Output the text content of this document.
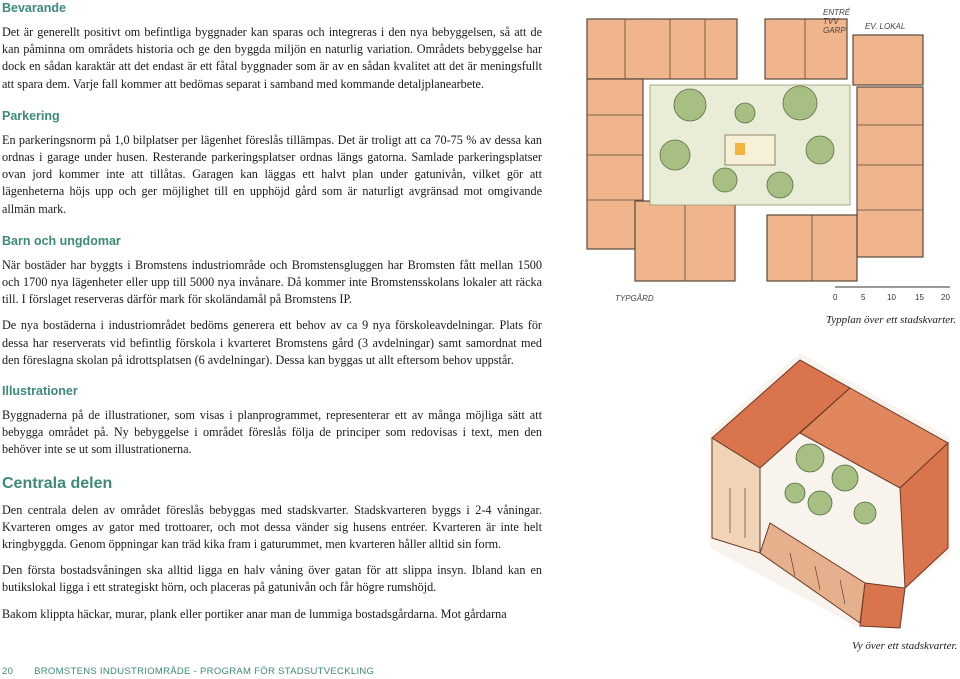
Bevarande

Det är generellt positivt om befintliga byggnader kan sparas och integreras i den nya bebyggelsen, så att de kan påminna om områdets historia och ge den byggda miljön en naturlig variation. Områdets bebyggelse har dock en sådan karaktär att det endast är ett fåtal byggnader som är av en sådan kvalitet att det är meningsfullt att spara dem. Varje fall kommer att bedömas separat i samband med kommande detaljplanearbete.

Parkering

En parkeringsnorm på 1,0 bilplatser per lägenhet föreslås tillämpas. Det är troligt att ca 70-75 % av dessa kan ordnas i garage under husen. Resterande parkeringsplatser ordnas längs gatorna. Samlade parkeringsplatser ovan jord kommer inte att tillåtas. Garagen kan läggas ett halvt plan under gatunivån, vilket gör att lägenheterna höjs upp och ger möjlighet till en upphöjd gård som är naturligt avgränsad mot omgivande allmän mark.

Barn och ungdomar

När bostäder har byggts i Bromstens industriområde och Bromstensgluggen har Bromsten fått mellan 1500 och 1700 nya lägenheter eller upp till 5000 nya invånare. Då kommer inte Bromstensskolans lokaler att räcka till. I förslaget reserveras därför mark för skoländamål på Bromstens IP.

De nya bostäderna i industriområdet bedöms generera ett behov av ca 9 nya förskoleavdelningar. Plats för dessa har reserverats vid befintlig förskola i kvarteret Bromstens gård (3 avdelningar) samt samordnat med den föreslagna skolan på idrottsplatsen (6 avdelningar). Dessa kan byggas ut allt eftersom behov uppstår.

Illustrationer

Byggnaderna på de illustrationer, som visas i planprogrammet, representerar ett av många möjliga sätt att bebygga området på. Ny bebyggelse i området föreslås följa de principer som redovisas i text, men den behöver inte se ut som illustrationerna.

Centrala delen

Den centrala delen av området föreslås bebyggas med stadskvarter. Stadskvarteren byggs i 2-4 våningar. Kvarteren omges av gator med trottoarer, och mot dessa vänder sig husens entréer. Kvarteren är inte helt kringbyggda. Genom öppningar kan träd kika fram i gaturummet, men kvarteren håller alltid sin form.

Den första bostadsvåningen ska alltid ligga en halv våning över gatan för att slippa insyn. Ibland kan en butikslokal ligga i ett strategiskt hörn, och placeras på gatunivån och får högre rumshöjd.

Bakom klippta häckar, murar, plank eller portiker anar man de lummiga bostadsgårdarna. Mot gårdarna

20 BROMSTENS INDUSTRIOMRÅDE - PROGRAM FÖR STADSUTVECKLING
ENTRÉ
TVV
GARP EV. LOKAL
TYPGÅRD	0	5	10 15 20
Typplan över ett stadskvarter.
Vy över ett stadskvarter.
